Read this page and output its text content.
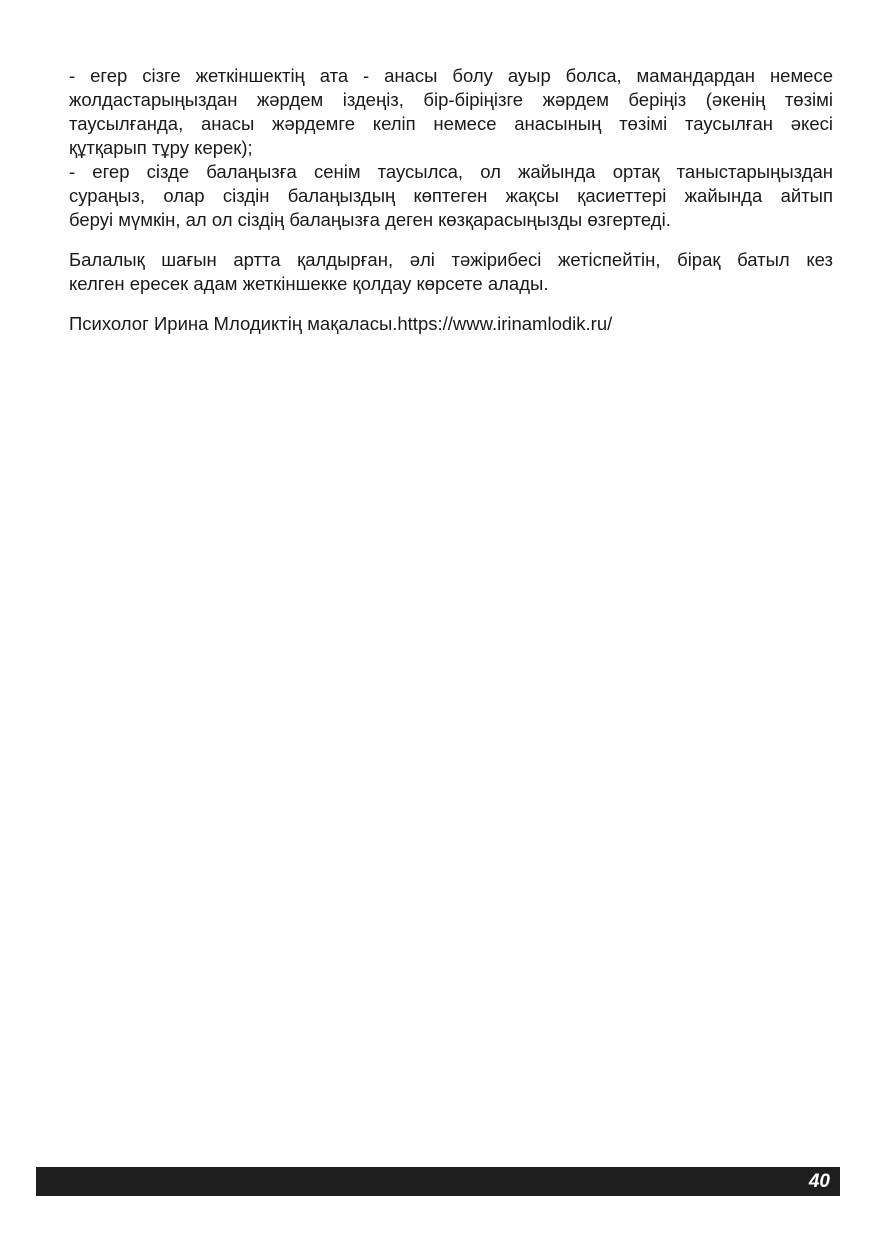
- егер сізге жеткіншектің ата - анасы болу ауыр болса, мамандардан немесе
жолдастарыңыздан жәрдем іздеңіз, бір-біріңізге жәрдем беріңіз (әкенің төзімі
таусылғанда, анасы жәрдемге келіп немесе анасының төзімі таусылған әкесі
құтқарып тұру керек);
- егер сізде балаңызға сенім таусылса, ол жайында ортақ таныстарыңыздан
сураңыз, олар сіздін балаңыздың көптеген жақсы қасиеттері жайында айтып
беруі мүмкін, ал ол сіздің балаңызға деген көзқарасыңызды өзгертеді.

Балалық шағын артта қалдырған, әлі тәжірибесі жетіспейтін, бірақ батыл кез
келген ересек адам жеткіншекке қолдау көрсете алады.

Психолог Ирина Млодиктің мақаласы.https://www.irinamlodik.ru/

40
